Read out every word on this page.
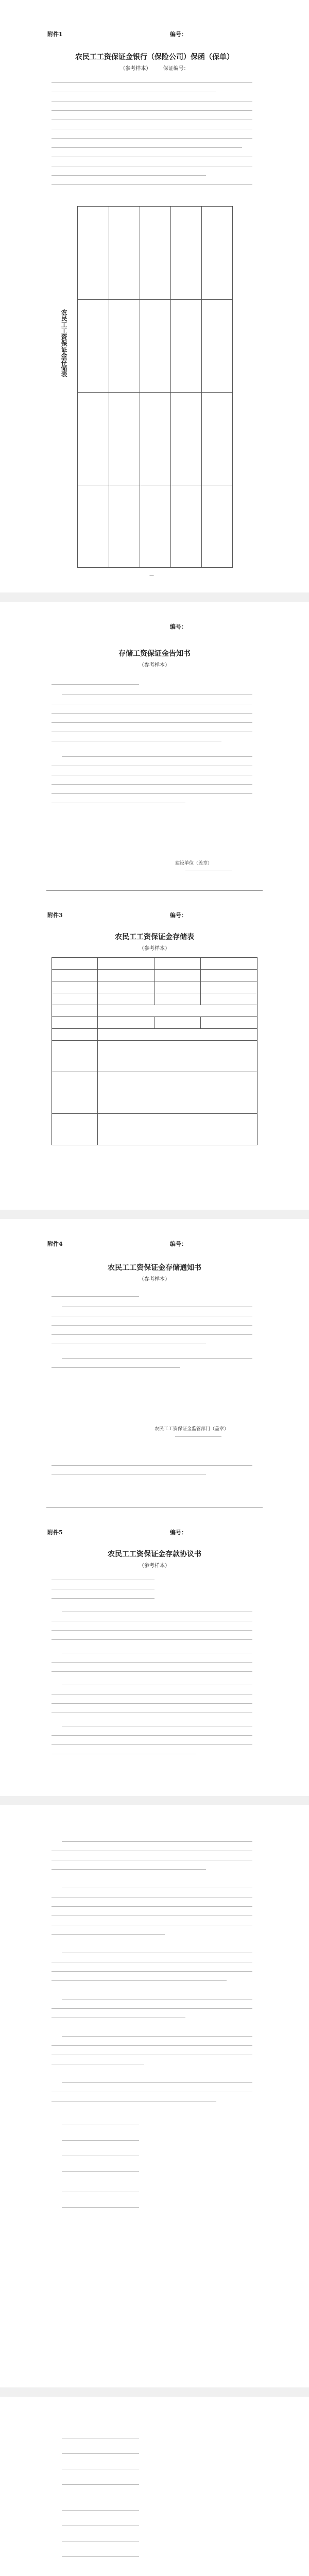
附件1	编号：
农民工工资保证金银行（保险公司）保函（保单）
（参考样本） 保证编号：
农民工工资保证金存储表
—
编号：
存储工资保证金告知书
（参考样本）
建设单位（盖章）
附件3	编号：
农民工工资保证金存储表
（参考样本）

附件4	编号：
农民工工资保证金存储通知书
（参考样本）
农民工工资保证金监管部门（盖章）
附件5	编号：
农民工工资保证金存款协议书
（参考样本）
